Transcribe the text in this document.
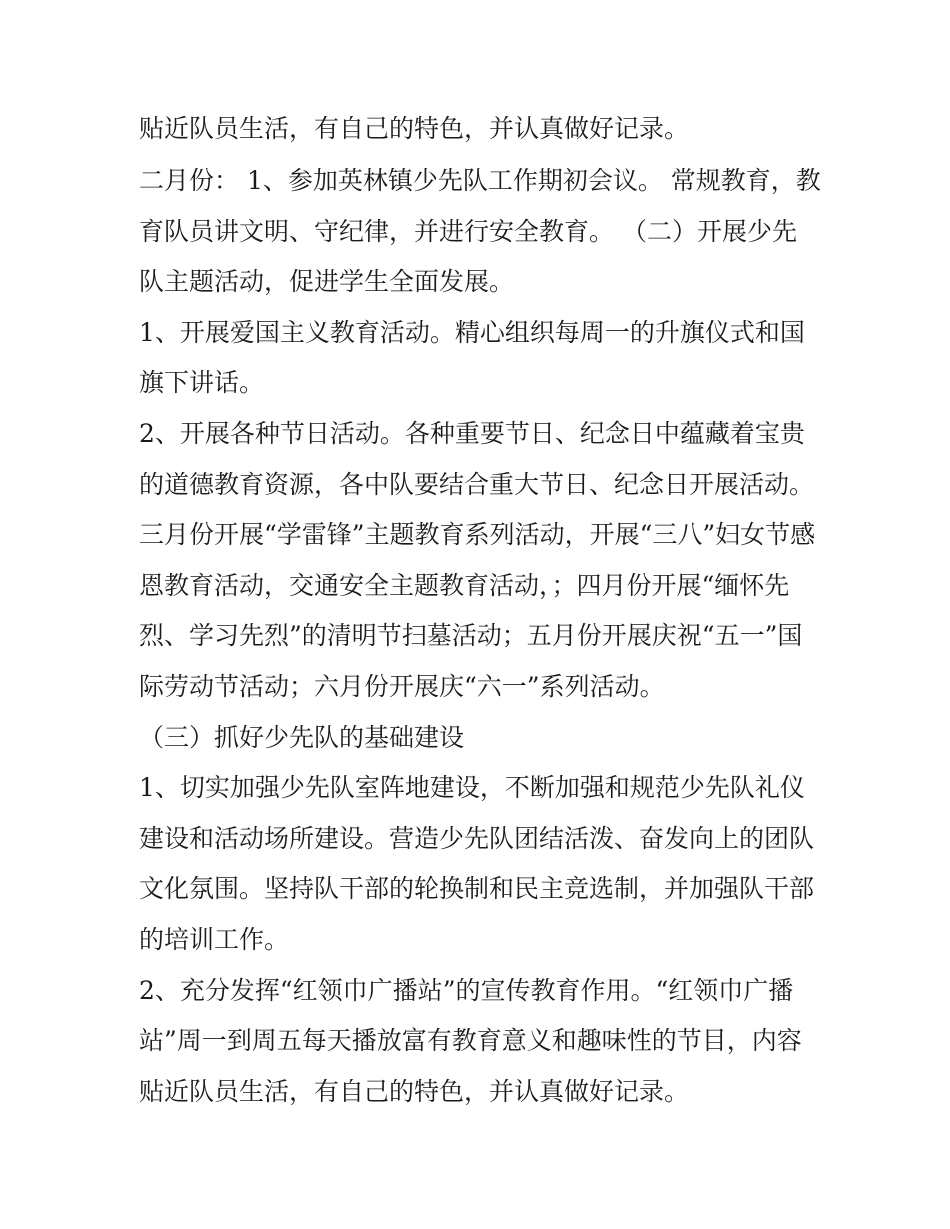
贴近队员生活，有自己的特色，并认真做好记录。
二月份： 1、参加英林镇少先队工作期初会议。 常规教育，教
育队员讲文明、守纪律，并进行安全教育。 （二）开展少先
队主题活动，促进学生全面发展。
1、开展爱国主义教育活动。精心组织每周一的升旗仪式和国
旗下讲话。
2、开展各种节日活动。各种重要节日、纪念日中蕴藏着宝贵
的道德教育资源，各中队要结合重大节日、纪念日开展活动。
三月份开展“学雷锋”主题教育系列活动，开展“三八”妇女节感
恩教育活动，交通安全主题教育活动，；四月份开展“缅怀先
烈、学习先烈”的清明节扫墓活动；五月份开展庆祝“五一”国
际劳动节活动；六月份开展庆“六一”系列活动。
（三）抓好少先队的基础建设
1、切实加强少先队室阵地建设，不断加强和规范少先队礼仪
建设和活动场所建设。营造少先队团结活泼、奋发向上的团队
文化氛围。坚持队干部的轮换制和民主竞选制，并加强队干部
的培训工作。
2、充分发挥“红领巾广播站”的宣传教育作用。“红领巾广播
站”周一到周五每天播放富有教育意义和趣味性的节目，内容
贴近队员生活，有自己的特色，并认真做好记录。
